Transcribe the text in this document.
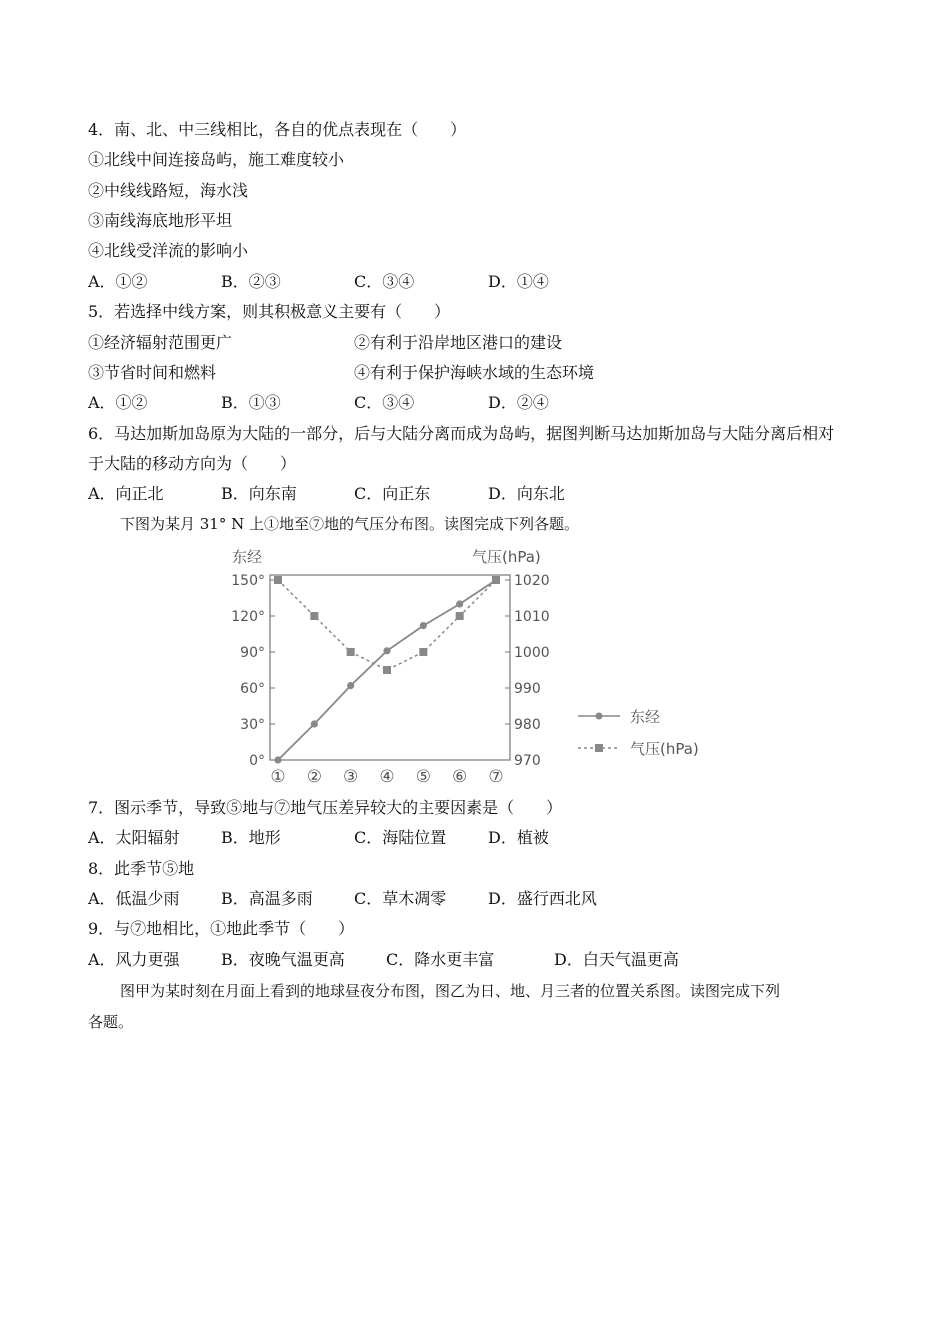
4．南、北、中三线相比，各自的优点表现在（　　）
①北线中间连接岛屿，施工难度较小
②中线线路短，海水浅
③南线海底地形平坦
④北线受洋流的影响小
A．①②	B．②③	C．③④	D．①④
5．若选择中线方案，则其积极意义主要有（　　）
①经济辐射范围更广	②有利于沿岸地区港口的建设
③节省时间和燃料	④有利于保护海峡水域的生态环境
A．①②	B．①③	C．③④	D．②④
6．马达加斯加岛原为大陆的一部分，后与大陆分离而成为岛屿，据图判断马达加斯加岛与大陆分离后相对
于大陆的移动方向为（　　）
A．向正北	B．向东南	C．向正东	D．向东北
下图为某月 31° N 上①地至⑦地的气压分布图。读图完成下列各题。
东经	气压(hPa)
0°
30°
60°
90°
120°
150°
970
980
990
1000
1010
1020
① ② ③ ④ ⑤ ⑥ ⑦
东经
气压(hPa)
7．图示季节，导致⑤地与⑦地气压差异较大的主要因素是（　　）
A．太阳辐射	B．地形	C．海陆位置	D．植被
8．此季节⑤地
A．低温少雨	B．高温多雨	C．草木凋零	D．盛行西北风
9．与⑦地相比，①地此季节（　　）
A．风力更强	B．夜晚气温更高	C．降水更丰富	D．白天气温更高
图甲为某时刻在月面上看到的地球昼夜分布图，图乙为日、地、月三者的位置关系图。读图完成下列
各题。
